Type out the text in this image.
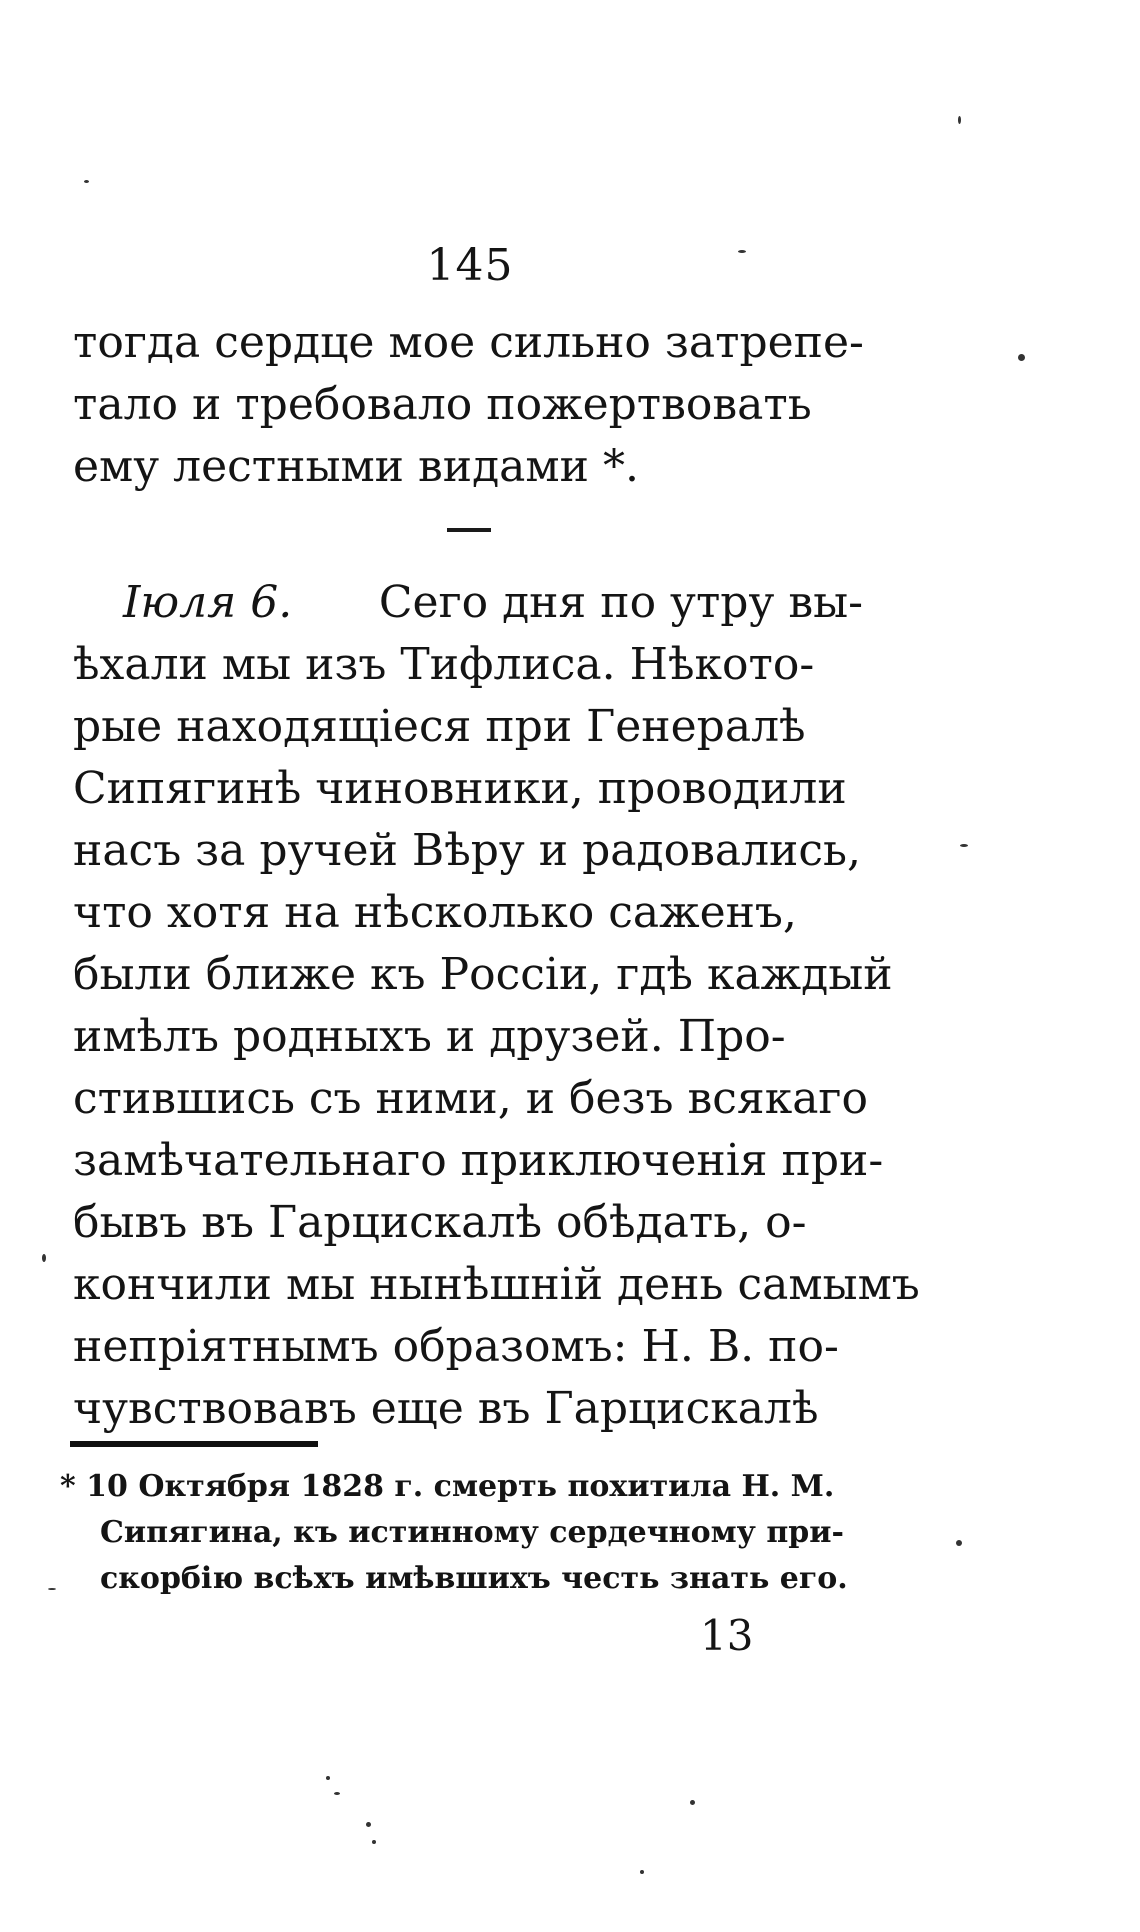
145
тогда сердце мое сильно затрепе-
тало и требовало пожертвовать
ему лестными видами *.
Іюля 6. Сего дня по утру вы-
ѣхали мы изъ Тифлиса. Нѣкото-
рые находящіеся при Генералѣ
Сипягинѣ чиновники, проводили
насъ за ручей Вѣру и радовались,
что хотя на нѣсколько саженъ,
были ближе къ Россіи, гдѣ каждый
имѣлъ родныхъ и друзей. Про-
стившись съ ними, и безъ всякаго
замѣчательнаго приключенія при-
бывъ въ Гарцискалѣ обѣдать, о-
кончили мы нынѣшній день самымъ
непріятнымъ образомъ: Н. В. по-
чувствовавъ еще въ Гарцискалѣ
* 10 Октября 1828 г. смерть похитила Н. М.
Сипягина, къ истинному сердечному при-
скорбію всѣхъ имѣвшихъ честь знать его.
13
